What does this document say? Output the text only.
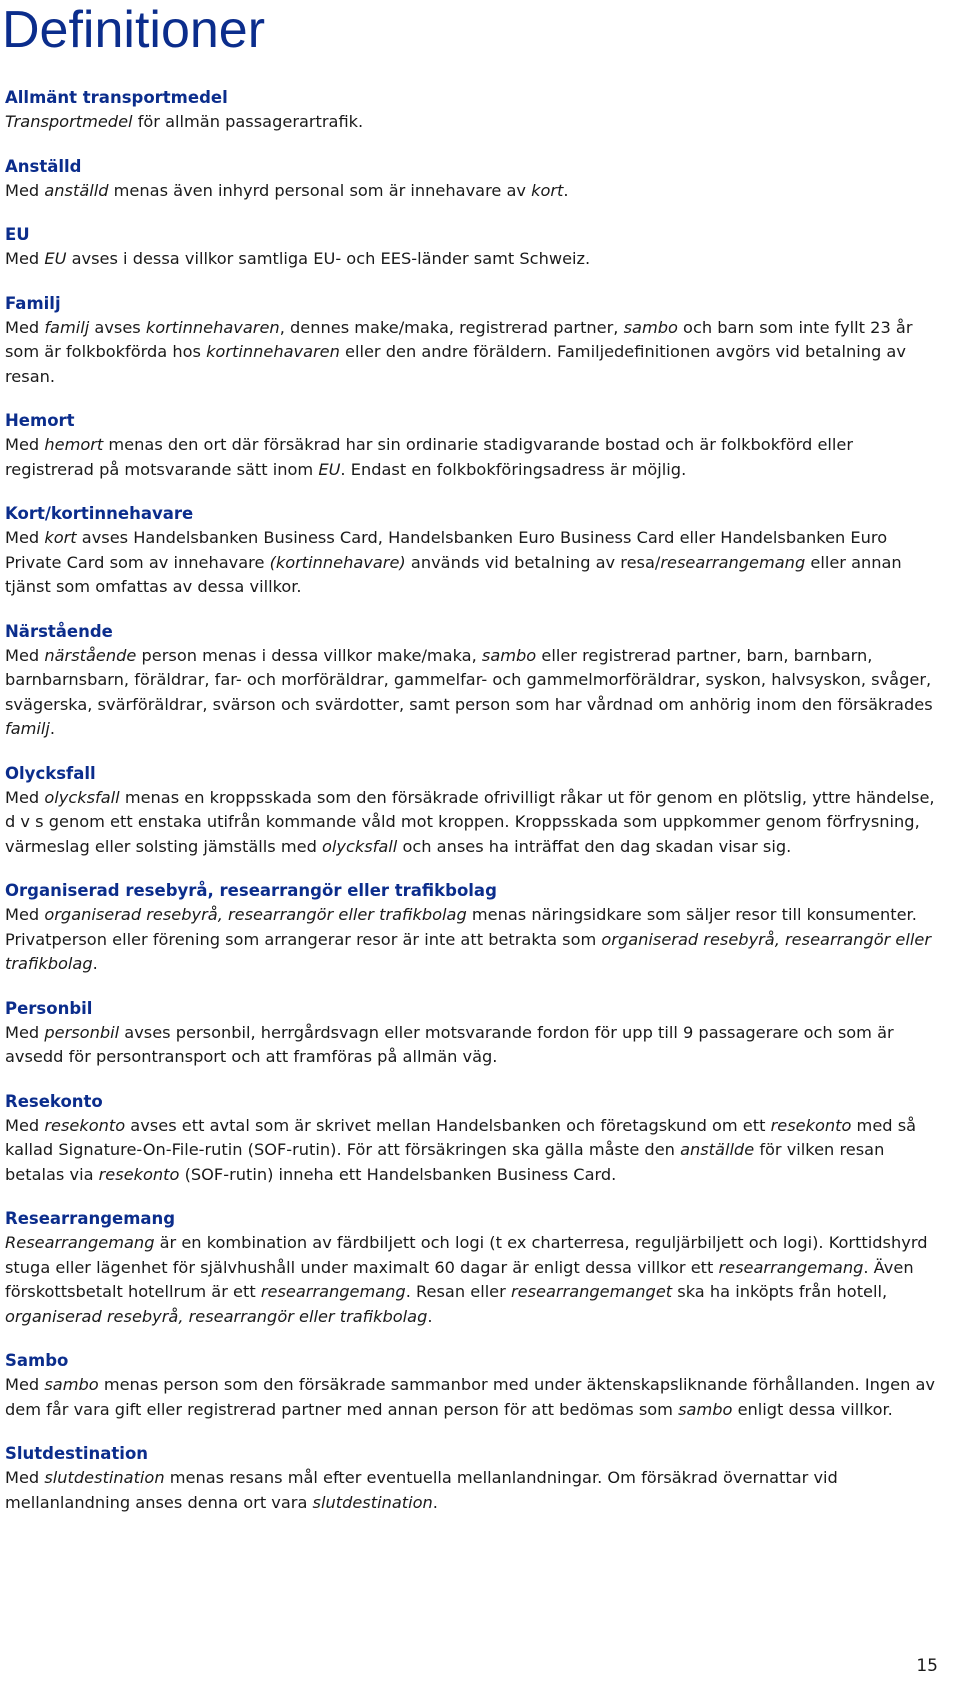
Definitioner
Allmänt transportmedel

Transportmedel för allmän passagerartrafik.

Anställd

Med anställd menas även inhyrd personal som är innehavare av kort.

EU

Med EU avses i dessa villkor samtliga EU- och EES-länder samt Schweiz.

Familj

Med familj avses kortinnehavaren, dennes make/maka, registrerad partner, sambo och barn som inte fyllt 23 år som är folkbokförda hos kortinnehavaren eller den andre föräldern. Familjedefinitionen avgörs vid betalning av resan.

Hemort

Med hemort menas den ort där försäkrad har sin ordinarie stadigvarande bostad och är folkbokförd eller registrerad på motsvarande sätt inom EU. Endast en folkbokföringsadress är möjlig.

Kort/kortinnehavare

Med kort avses Handelsbanken Business Card, Handelsbanken Euro Business Card eller Handelsbanken Euro Private Card som av innehavare (kortinnehavare) används vid betalning av resa/researrangemang eller annan tjänst som omfattas av dessa villkor.

Närstående

Med närstående person menas i dessa villkor make/maka, sambo eller registrerad partner, barn, barnbarn, barnbarnsbarn, föräldrar, far- och morföräldrar, gammelfar- och gammelmorföräldrar, syskon, halvsyskon, svåger, svägerska, svärföräldrar, svärson och svärdotter, samt person som har vårdnad om anhörig inom den försäkrades familj.

Olycksfall

Med olycksfall menas en kroppsskada som den försäkrade ofrivilligt råkar ut för genom en plötslig, yttre händelse, d v s genom ett enstaka utifrån kommande våld mot kroppen. Kroppsskada som uppkommer genom förfrysning, värmeslag eller solsting jämställs med olycksfall och anses ha inträffat den dag skadan visar sig.

Organiserad resebyrå, researrangör eller trafikbolag

Med organiserad resebyrå, researrangör eller trafikbolag menas näringsidkare som säljer resor till konsumenter. Privatperson eller förening som arrangerar resor är inte att betrakta som organiserad resebyrå, researrangör eller trafikbolag.

Personbil

Med personbil avses personbil, herrgårdsvagn eller motsvarande fordon för upp till 9 passagerare och som är avsedd för persontransport och att framföras på allmän väg.

Resekonto

Med resekonto avses ett avtal som är skrivet mellan Handelsbanken och företagskund om ett resekonto med så kallad Signature-On-File-rutin (SOF-rutin). För att försäkringen ska gälla måste den anställde för vilken resan betalas via resekonto (SOF-rutin) inneha ett Handelsbanken Business Card.

Researrangemang

Researrangemang är en kombination av färdbiljett och logi (t ex charterresa, reguljärbiljett och logi). Korttidshyrd stuga eller lägenhet för självhushåll under maximalt 60 dagar är enligt dessa villkor ett researrangemang. Även förskottsbetalt hotellrum är ett researrangemang. Resan eller researrangemanget ska ha inköpts från hotell, organiserad resebyrå, researrangör eller trafikbolag.

Sambo

Med sambo menas person som den försäkrade sammanbor med under äktenskapsliknande förhållanden. Ingen av dem får vara gift eller registrerad partner med annan person för att bedömas som sambo enligt dessa villkor.

Slutdestination

Med slutdestination menas resans mål efter eventuella mellanlandningar. Om försäkrad övernattar vid mellanlandning anses denna ort vara slutdestination.

15
